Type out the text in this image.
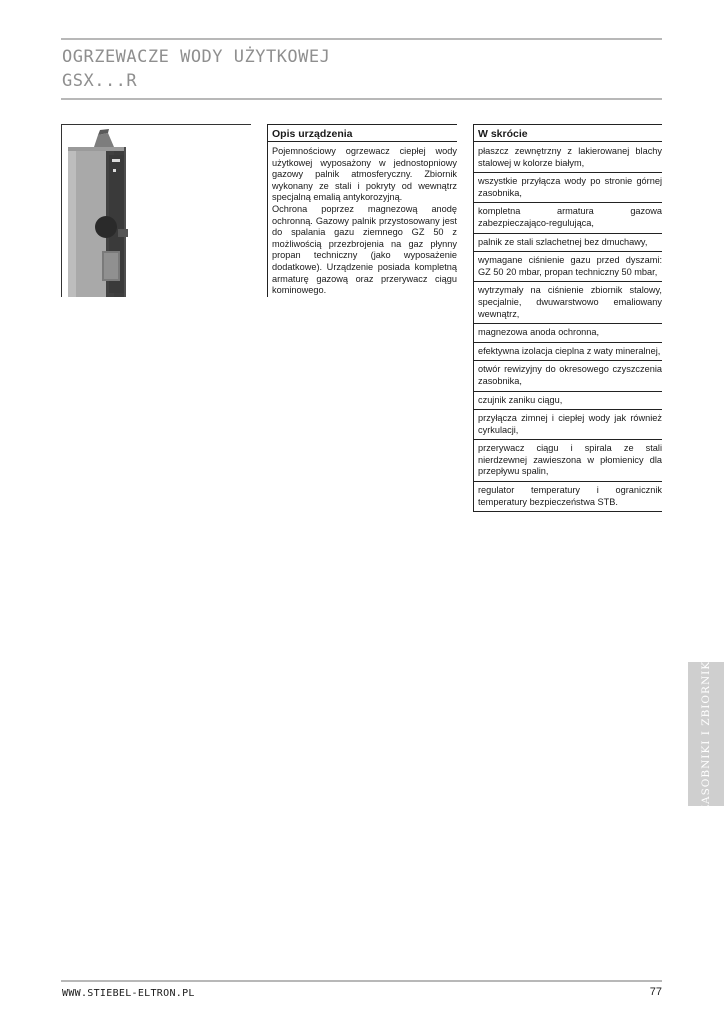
OGRZEWACZE WODY UŻYTKOWEJ
GSX...R
Opis urządzenia

Pojemnościowy ogrzewacz ciepłej wody użytkowej wyposażony w jednostopniowy gazowy palnik atmosferyczny. Zbiornik wykonany ze stali i pokryty od wewnątrz specjalną emalią antykorozyjną.

Ochrona poprzez magnezową anodę ochronną. Gazowy palnik przystosowany jest do spalania gazu ziemnego GZ 50 z możliwością przezbrojenia na gaz płynny propan techniczny (jako wyposażenie dodatkowe). Urządzenie posiada kompletną armaturę gazową oraz przerywacz ciągu kominowego.

W skrócie
płaszcz zewnętrzny z lakierowanej blachy stalowej w kolorze białym,
wszystkie przyłącza wody po stronie górnej zasobnika,
kompletna armatura gazowa zabezpieczająco-regulująca,
palnik ze stali szlachetnej bez dmuchawy,
wymagane ciśnienie gazu przed dyszami: GZ 50 20 mbar, propan techniczny 50 mbar,
wytrzymały na ciśnienie zbiornik stalowy, specjalnie, dwuwarstwowo emaliowany wewnątrz,
magnezowa anoda ochronna,
efektywna izolacja cieplna z waty mineralnej,
otwór rewizyjny do okresowego czyszczenia zasobnika,
czujnik zaniku ciągu,
przyłącza zimnej i ciepłej wody jak również cyrkulacji,
przerywacz ciągu i spirala ze stali nierdzewnej zawieszona w płomienicy dla przepływu spalin,
regulator temperatury i ogranicznik temperatury bezpieczeństwa STB.
ZASOBNIKI I ZBIORNIKI
WWW.STIEBEL-ELTRON.PL	77
